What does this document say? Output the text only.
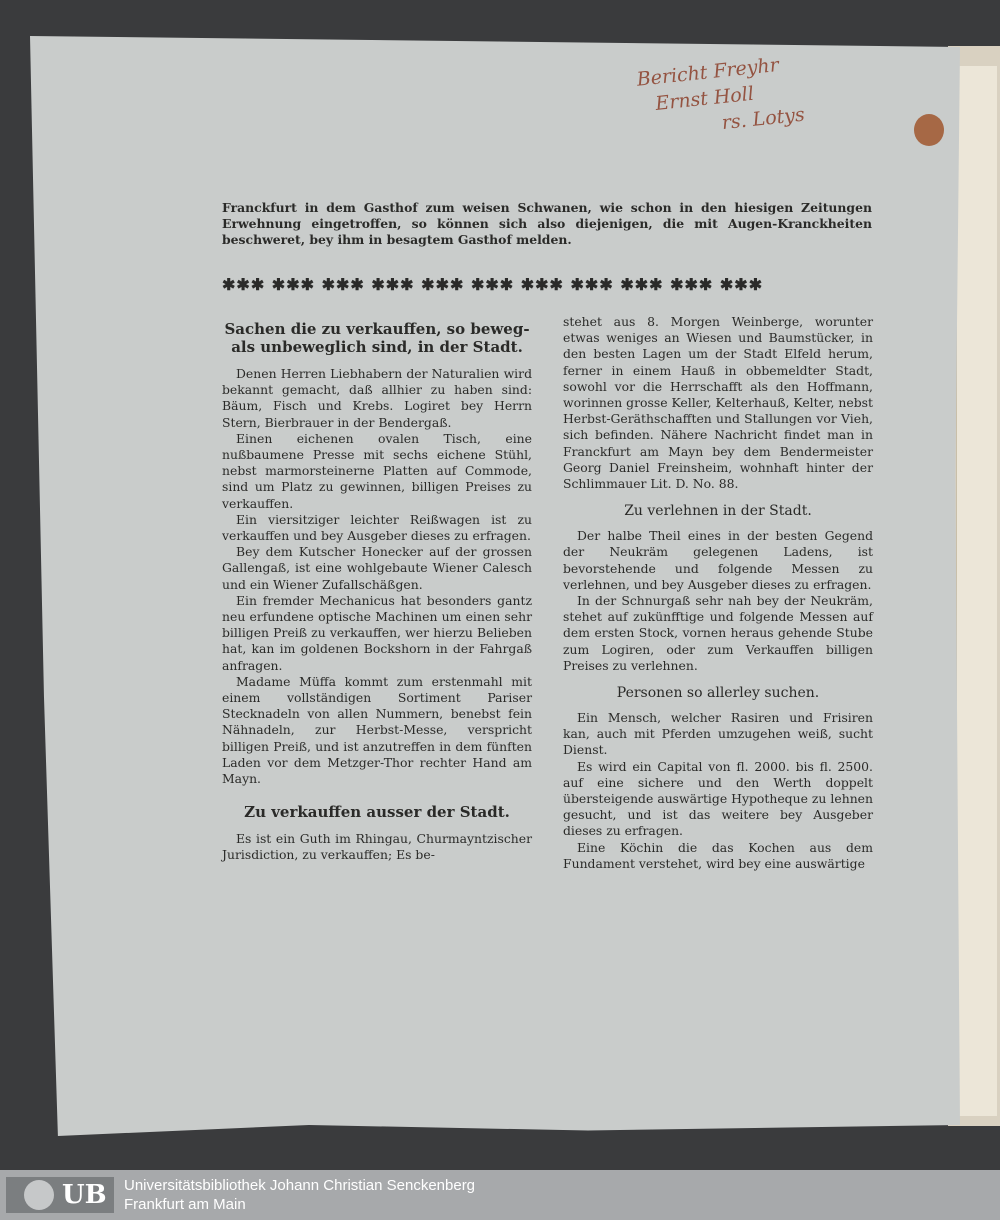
Bericht Freyhr
Ernst Holl
rs. Lotys

Franckfurt in dem Gasthof zum weisen Schwanen, wie schon in den hiesigen Zeitungen Erwehnung eingetroffen, so können sich also diejenigen, die mit Augen-Kranckheiten beschweret, bey ihm in besagtem Gasthof melden.

✱✱✱ ✱✱✱ ✱✱✱ ✱✱✱ ✱✱✱ ✱✱✱ ✱✱✱ ✱✱✱ ✱✱✱ ✱✱✱ ✱✱✱
Sachen die zu verkauffen, so beweg- als unbeweglich sind, in der Stadt.

Denen Herren Liebhabern der Naturalien wird bekannt gemacht, daß allhier zu haben sind: Bäum, Fisch und Krebs. Logiret bey Herrn Stern, Bierbrauer in der Bendergaß.

Einen eichenen ovalen Tisch, eine nußbaumene Presse mit sechs eichene Stühl, nebst marmorsteinerne Platten auf Commode, sind um Platz zu gewinnen, billigen Preises zu verkauffen.

Ein viersitziger leichter Reißwagen ist zu verkauffen und bey Ausgeber dieses zu erfragen.

Bey dem Kutscher Honecker auf der grossen Gallengaß, ist eine wohlgebaute Wiener Calesch und ein Wiener Zufallschäßgen.

Ein fremder Mechanicus hat besonders gantz neu erfundene optische Machinen um einen sehr billigen Preiß zu verkauffen, wer hierzu Belieben hat, kan im goldenen Bockshorn in der Fahrgaß anfragen.

Madame Müffa kommt zum erstenmahl mit einem vollständigen Sortiment Pariser Stecknadeln von allen Nummern, benebst fein Nähnadeln, zur Herbst-Messe, verspricht billigen Preiß, und ist anzutreffen in dem fünften Laden vor dem Metzger-Thor rechter Hand am Mayn.

Zu verkauffen ausser der Stadt.

Es ist ein Guth im Rhingau, Churmayntzischer Jurisdiction, zu verkauffen; Es be-

stehet aus 8. Morgen Weinberge, worunter etwas weniges an Wiesen und Baumstücker, in den besten Lagen um der Stadt Elfeld herum, ferner in einem Hauß in obbemeldter Stadt, sowohl vor die Herrschafft als den Hoffmann, worinnen grosse Keller, Kelterhauß, Kelter, nebst Herbst-Geräthschafften und Stallungen vor Vieh, sich befinden. Nähere Nachricht findet man in Franckfurt am Mayn bey dem Bendermeister Georg Daniel Freinsheim, wohnhaft hinter der Schlimmauer Lit. D. No. 88.

Zu verlehnen in der Stadt.

Der halbe Theil eines in der besten Gegend der Neukräm gelegenen Ladens, ist bevorstehende und folgende Messen zu verlehnen, und bey Ausgeber dieses zu erfragen.

In der Schnurgaß sehr nah bey der Neukräm, stehet auf zukünfftige und folgende Messen auf dem ersten Stock, vornen heraus gehende Stube zum Logiren, oder zum Verkauffen billigen Preises zu verlehnen.

Personen so allerley suchen.

Ein Mensch, welcher Rasiren und Frisiren kan, auch mit Pferden umzugehen weiß, sucht Dienst.

Es wird ein Capital von fl. 2000. bis fl. 2500. auf eine sichere und den Werth doppelt übersteigende auswärtige Hypotheque zu lehnen gesucht, und ist das weitere bey Ausgeber dieses zu erfragen.

Eine Köchin die das Kochen aus dem Fundament verstehet, wird bey eine auswärtige

UB Universitätsbibliothek Johann Christian Senckenberg
Frankfurt am Main
